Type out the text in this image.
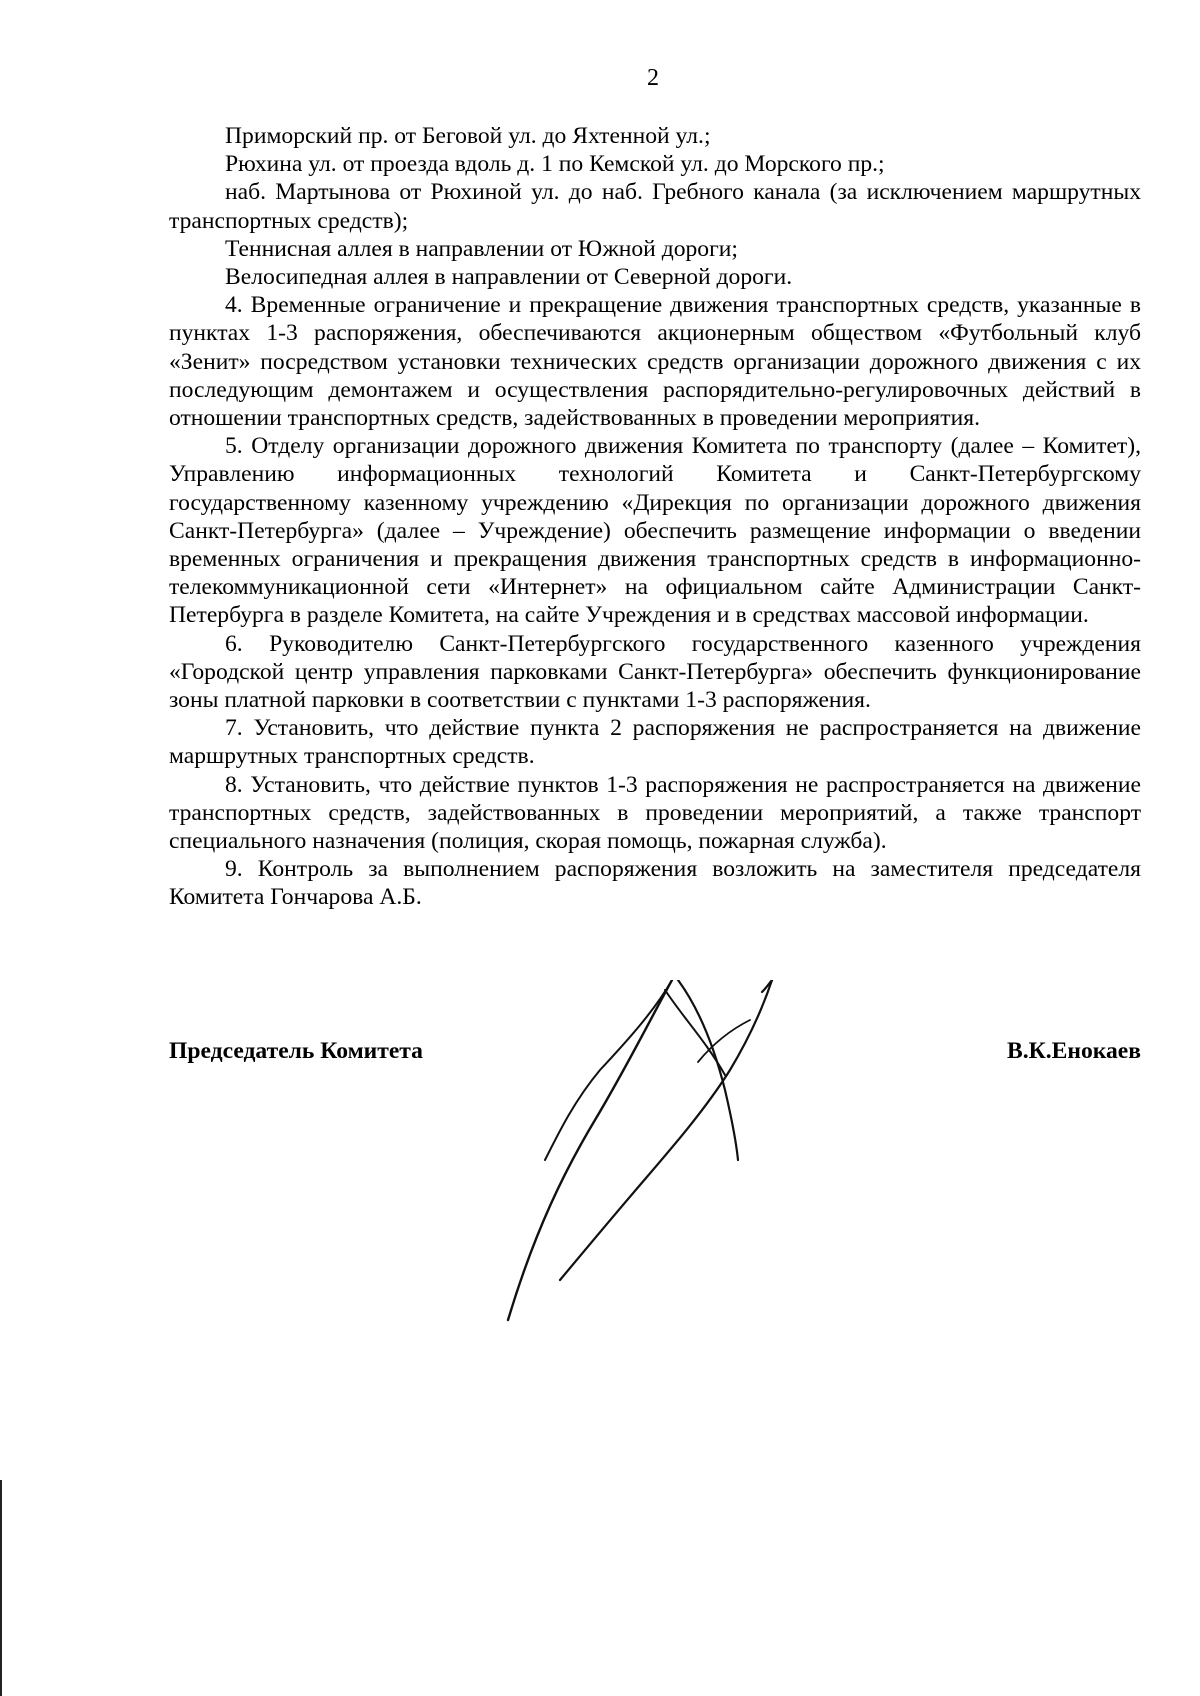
2

Приморский пр. от Беговой ул. до Яхтенной ул.;

Рюхина ул. от проезда вдоль д. 1 по Кемской ул. до Морского пр.;

наб. Мартынова от Рюхиной ул. до наб. Гребного канала (за исключением маршрутных транспортных средств);

Теннисная аллея в направлении от Южной дороги;

Велосипедная аллея в направлении от Северной дороги.

4. Временные ограничение и прекращение движения транспортных средств, указанные в пунктах 1-3 распоряжения, обеспечиваются акционерным обществом «Футбольный клуб «Зенит» посредством установки технических средств организации дорожного движения с их последующим демонтажем и осуществления распорядительно-регулировочных действий в отношении транспортных средств, задействованных в проведении мероприятия.

5. Отделу организации дорожного движения Комитета по транспорту (далее – Комитет), Управлению информационных технологий Комитета и Санкт-Петербургскому государственному казенному учреждению «Дирекция по организации дорожного движения Санкт-Петербурга» (далее – Учреждение) обеспечить размещение информации о введении временных ограничения и прекращения движения транспортных средств в информационно-телекоммуникационной сети «Интернет» на официальном сайте Администрации Санкт-Петербурга в разделе Комитета, на сайте Учреждения и в средствах массовой информации.

6. Руководителю Санкт-Петербургского государственного казенного учреждения «Городской центр управления парковками Санкт-Петербурга» обеспечить функционирование зоны платной парковки в соответствии с пунктами 1-3 распоряжения.

7. Установить, что действие пункта 2 распоряжения не распространяется на движение маршрутных транспортных средств.

8. Установить, что действие пунктов 1-3 распоряжения не распространяется на движение транспортных средств, задействованных в проведении мероприятий, а также транспорт специального назначения (полиция, скорая помощь, пожарная служба).

9. Контроль за выполнением распоряжения возложить на заместителя председателя Комитета Гончарова А.Б.

Председатель Комитета	В.К.Енокаев
